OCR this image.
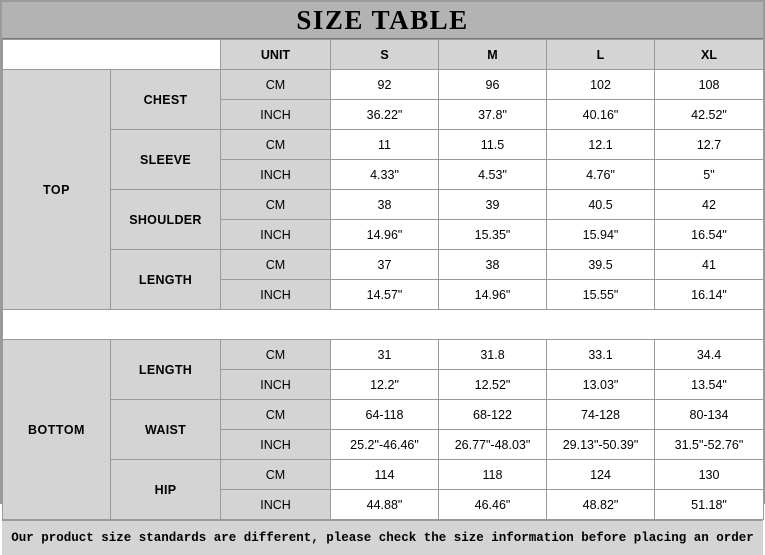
SIZE TABLE
		UNIT	S	M	L	XL
TOP	CHEST	CM	92	96	102	108
		INCH	36.22"	37.8"	40.16"	42.52"
	SLEEVE	CM	11	11.5	12.1	12.7
		INCH	4.33"	4.53"	4.76"	5"
	SHOULDER	CM	38	39	40.5	42
		INCH	14.96"	15.35"	15.94"	16.54"
	LENGTH	CM	37	38	39.5	41
		INCH	14.57"	14.96"	15.55"	16.14"

BOTTOM	LENGTH	CM	31	31.8	33.1	34.4
		INCH	12.2"	12.52"	13.03"	13.54"
	WAIST	CM	64-118	68-122	74-128	80-134
		INCH	25.2"-46.46"	26.77"-48.03"	29.13"-50.39"	31.5"-52.76"
	HIP	CM	114	118	124	130
		INCH	44.88"	46.46"	48.82"	51.18"
Our product size standards are different, please check the size information before placing an order
